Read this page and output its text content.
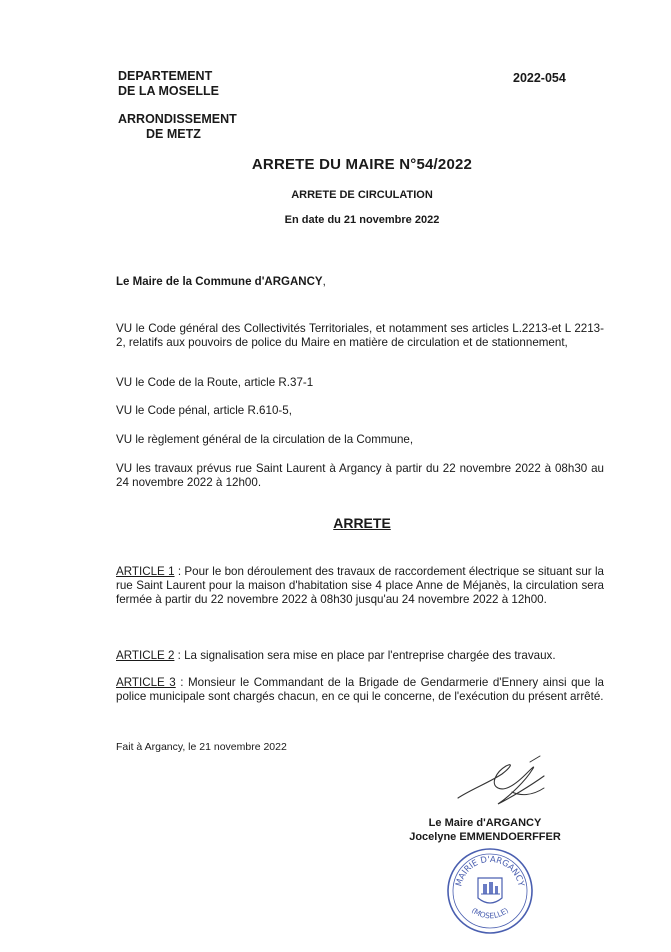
DEPARTEMENT
DE LA MOSELLE
ARRONDISSEMENT
DE METZ
2022-054
ARRETE DU MAIRE N°54/2022
ARRETE DE CIRCULATION
En date du 21 novembre 2022
Le Maire de la Commune d'ARGANCY,
VU le Code général des Collectivités Territoriales, et notamment ses articles L.2213-et L 2213-2, relatifs aux pouvoirs de police du Maire en matière de circulation et de stationnement,
VU le Code de la Route, article R.37-1
VU le Code pénal, article R.610-5,
VU le règlement général de la circulation de la Commune,
VU les travaux prévus rue Saint Laurent à Argancy à partir du 22 novembre 2022 à 08h30 au 24 novembre 2022 à 12h00.
ARRETE
ARTICLE 1 : Pour le bon déroulement des travaux de raccordement électrique se situant sur la rue Saint Laurent pour la maison d'habitation sise 4 place Anne de Méjanès, la circulation sera fermée à partir du 22 novembre 2022 à 08h30 jusqu'au 24 novembre 2022 à 12h00.
ARTICLE 2 : La signalisation sera mise en place par l'entreprise chargée des travaux.
ARTICLE 3 : Monsieur le Commandant de la Brigade de Gendarmerie d'Ennery ainsi que la police municipale sont chargés chacun, en ce qui le concerne, de l'exécution du présent arrêté.
Fait à Argancy, le 21 novembre 2022
Le Maire d'ARGANCY
Jocelyne EMMENDOERFFER
MAIRIE D'ARGANCY
(MOSELLE)
